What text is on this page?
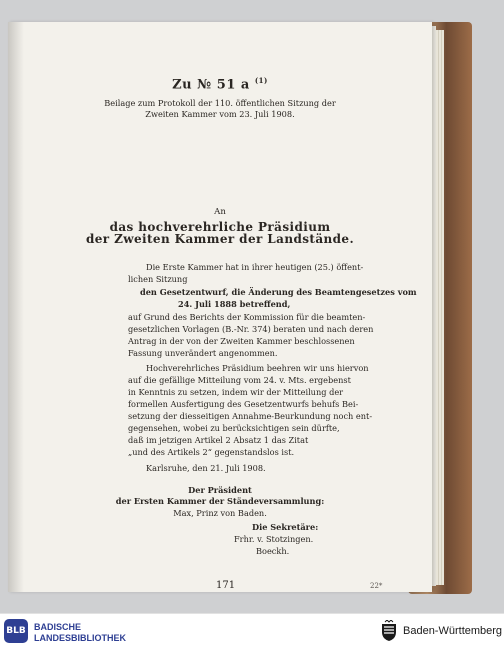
Zu № 51 a $^{(1)}$
Beilage zum Protokoll der 110. öffentlichen Sitzung der
Zweiten Kammer vom 23. Juli 1908.
An
das hochverehrliche Präsidium
der Zweiten Kammer der Landstände.
Die Erste Kammer hat in ihrer heutigen (25.) öffent-
lichen Sitzung
den Gesetzentwurf, die Änderung des Beamtengesetzes vom
24. Juli 1888 betreffend,
auf Grund des Berichts der Kommission für die beamten-
gesetzlichen Vorlagen (B.-Nr. 374) beraten und nach deren
Antrag in der von der Zweiten Kammer beschlossenen
Fassung unverändert angenommen.
Hochverehrliches Präsidium beehren wir uns hiervon
auf die gefällige Mitteilung vom 24. v. Mts. ergebenst
in Kenntnis zu setzen, indem wir der Mitteilung der
formellen Ausfertigung des Gesetzentwurfs behufs Bei-
setzung der diesseitigen Annahme-Beurkundung noch ent-
gegensehen, wobei zu berücksichtigen sein dürfte,
daß im jetzigen Artikel 2 Absatz 1 das Zitat
„und des Artikels 2“ gegenstandslos ist.
Karlsruhe, den 21. Juli 1908.
Der Präsident
der Ersten Kammer der Ständeversammlung:
Max, Prinz von Baden.
Die Sekretäre:
Frhr. v. Stotzingen.
Boeckh.
171	22*
BLB BADISCHE
LANDESBIBLIOTHEK
Baden-Württemberg
